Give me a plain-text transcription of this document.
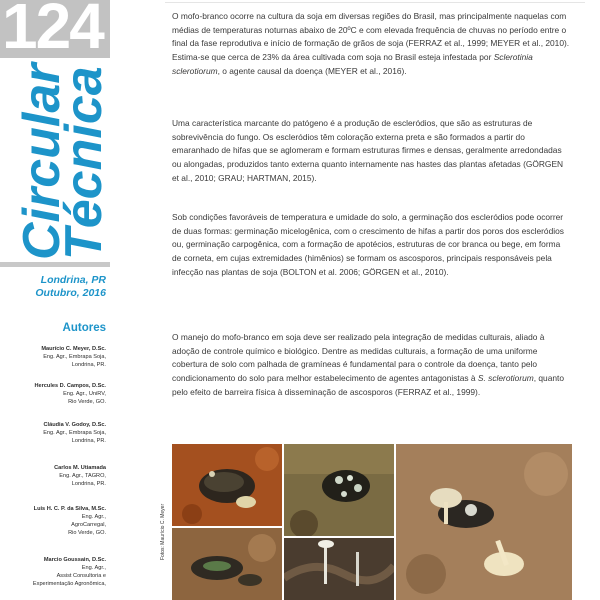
124
Circular
Técnica
Londrina, PR
Outubro, 2016
Autores
Maurício C. Meyer, D.Sc.
Eng. Agr., Embrapa Soja,
Londrina, PR.
Hercules D. Campos, D.Sc.
Eng. Agr., UniRV,
Rio Verde, GO.
Cláudia V. Godoy, D.Sc.
Eng. Agr., Embrapa Soja,
Londrina, PR.
Carlos M. Utiamada
Eng. Agr., TAGRO,
Londrina, PR.
Luis H. C. P. da Silva, M.Sc.
Eng. Agr.,
AgroCarregal,
Rio Verde, GO.
Marcio Goussain, D.Sc.
Eng. Agr.,
Assist Consultoria e
Experimentação Agronômica,

O mofo-branco ocorre na cultura da soja em diversas regiões do Brasil, mas principalmente naquelas com médias de temperaturas noturnas abaixo de 20ºC e com elevada frequência de chuvas no período entre o final da fase reprodutiva e início de formação de grãos de soja (FERRAZ et al., 1999; MEYER et al., 2010). Estima-se que cerca de 23% da área cultivada com soja no Brasil esteja infestada por Sclerotinia sclerotiorum, o agente causal da doença (MEYER et al., 2016).

Uma característica marcante do patógeno é a produção de escleródios, que são as estruturas de sobrevivência do fungo. Os escleródios têm coloração externa preta e são formados a partir do emaranhado de hifas que se aglomeram e formam estruturas firmes e densas, geralmente arredondadas ou alongadas, produzidos tanto externa quanto internamente nas hastes das plantas afetadas (GÖRGEN et al., 2010; GRAU; HARTMAN, 2015).

Sob condições favoráveis de temperatura e umidade do solo, a germinação dos escleródios pode ocorrer de duas formas: germinação micelogênica, com o crescimento de hifas a partir dos poros dos escleródios ou, germinação carpogênica, com a formação de apotécios, estruturas de cor branca ou bege, em forma de corneta, em cujas extremidades (himênios) se formam os ascosporos, principais responsáveis pela infecção nas plantas de soja (BOLTON et al. 2006; GÖRGEN et al., 2010).

O manejo do mofo-branco em soja deve ser realizado pela integração de medidas culturais, aliado à adoção de controle químico e biológico. Dentre as medidas culturais, a formação de uma uniforme cobertura de solo com palhada de gramíneas é fundamental para o controle da doença, tanto pelo condicionamento do solo para melhor estabelecimento de agentes antagonistas à S. sclerotiorum, quanto pelo efeito de barreira física à disseminação de ascosporos (FERRAZ et al., 1999).

Fotos: Maurício C. Meyer
